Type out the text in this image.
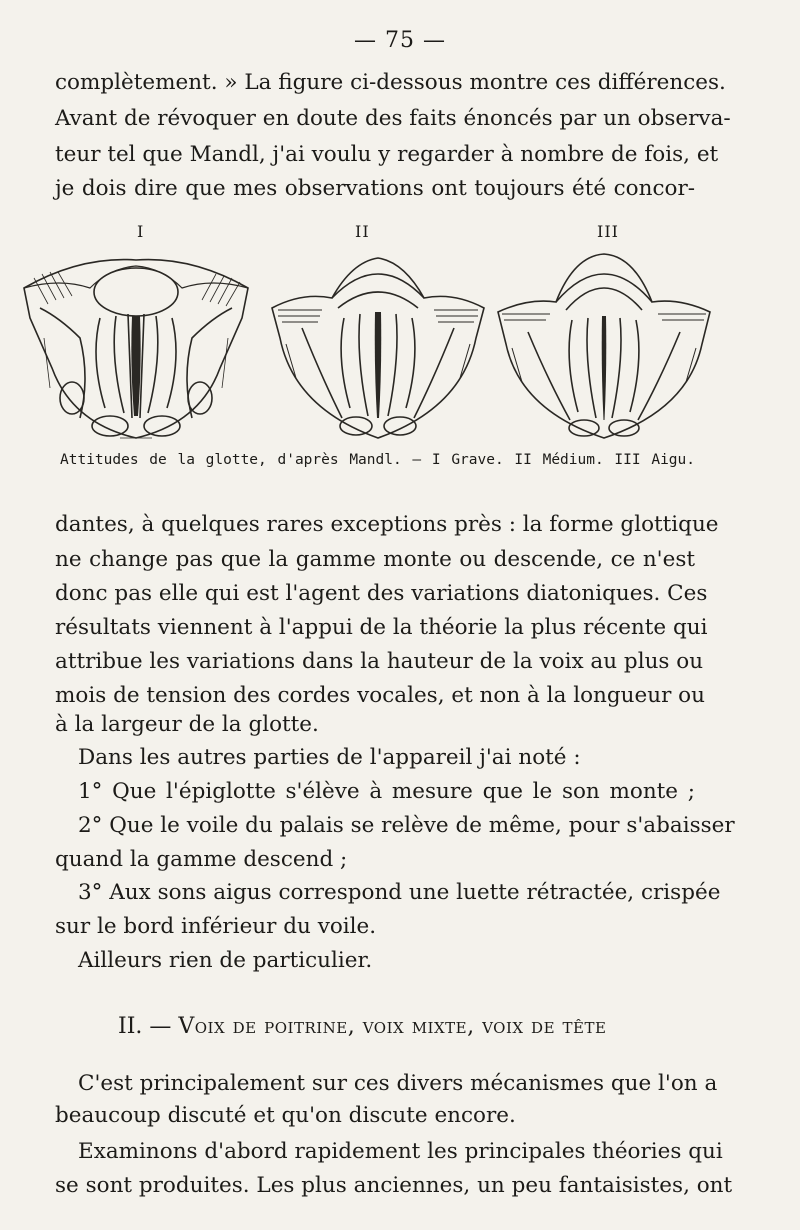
— 75 —
complètement. » La figure ci-dessous montre ces différences.
Avant de révoquer en doute des faits énoncés par un observa-
teur tel que Mandl, j'ai voulu y regarder à nombre de fois, et
je dois dire que mes observations ont toujours été concor-
I	II	III
Attitudes de la glotte, d'après Mandl. — I Grave. II Médium. III Aigu.
dantes, à quelques rares exceptions près : la forme glottique
ne change pas que la gamme monte ou descende, ce n'est
donc pas elle qui est l'agent des variations diatoniques. Ces
résultats viennent à l'appui de la théorie la plus récente qui
attribue les variations dans la hauteur de la voix au plus ou
mois de tension des cordes vocales, et non à la longueur ou
à la largeur de la glotte.
Dans les autres parties de l'appareil j'ai noté :
1° Que l'épiglotte s'élève à mesure que le son monte ;
2° Que le voile du palais se relève de même, pour s'abaisser
quand la gamme descend ;
3° Aux sons aigus correspond une luette rétractée, crispée
sur le bord inférieur du voile.
Ailleurs rien de particulier.
II. — Voix de poitrine, voix mixte, voix de tête
C'est principalement sur ces divers mécanismes que l'on a
beaucoup discuté et qu'on discute encore.
Examinons d'abord rapidement les principales théories qui
se sont produites. Les plus anciennes, un peu fantaisistes, ont
